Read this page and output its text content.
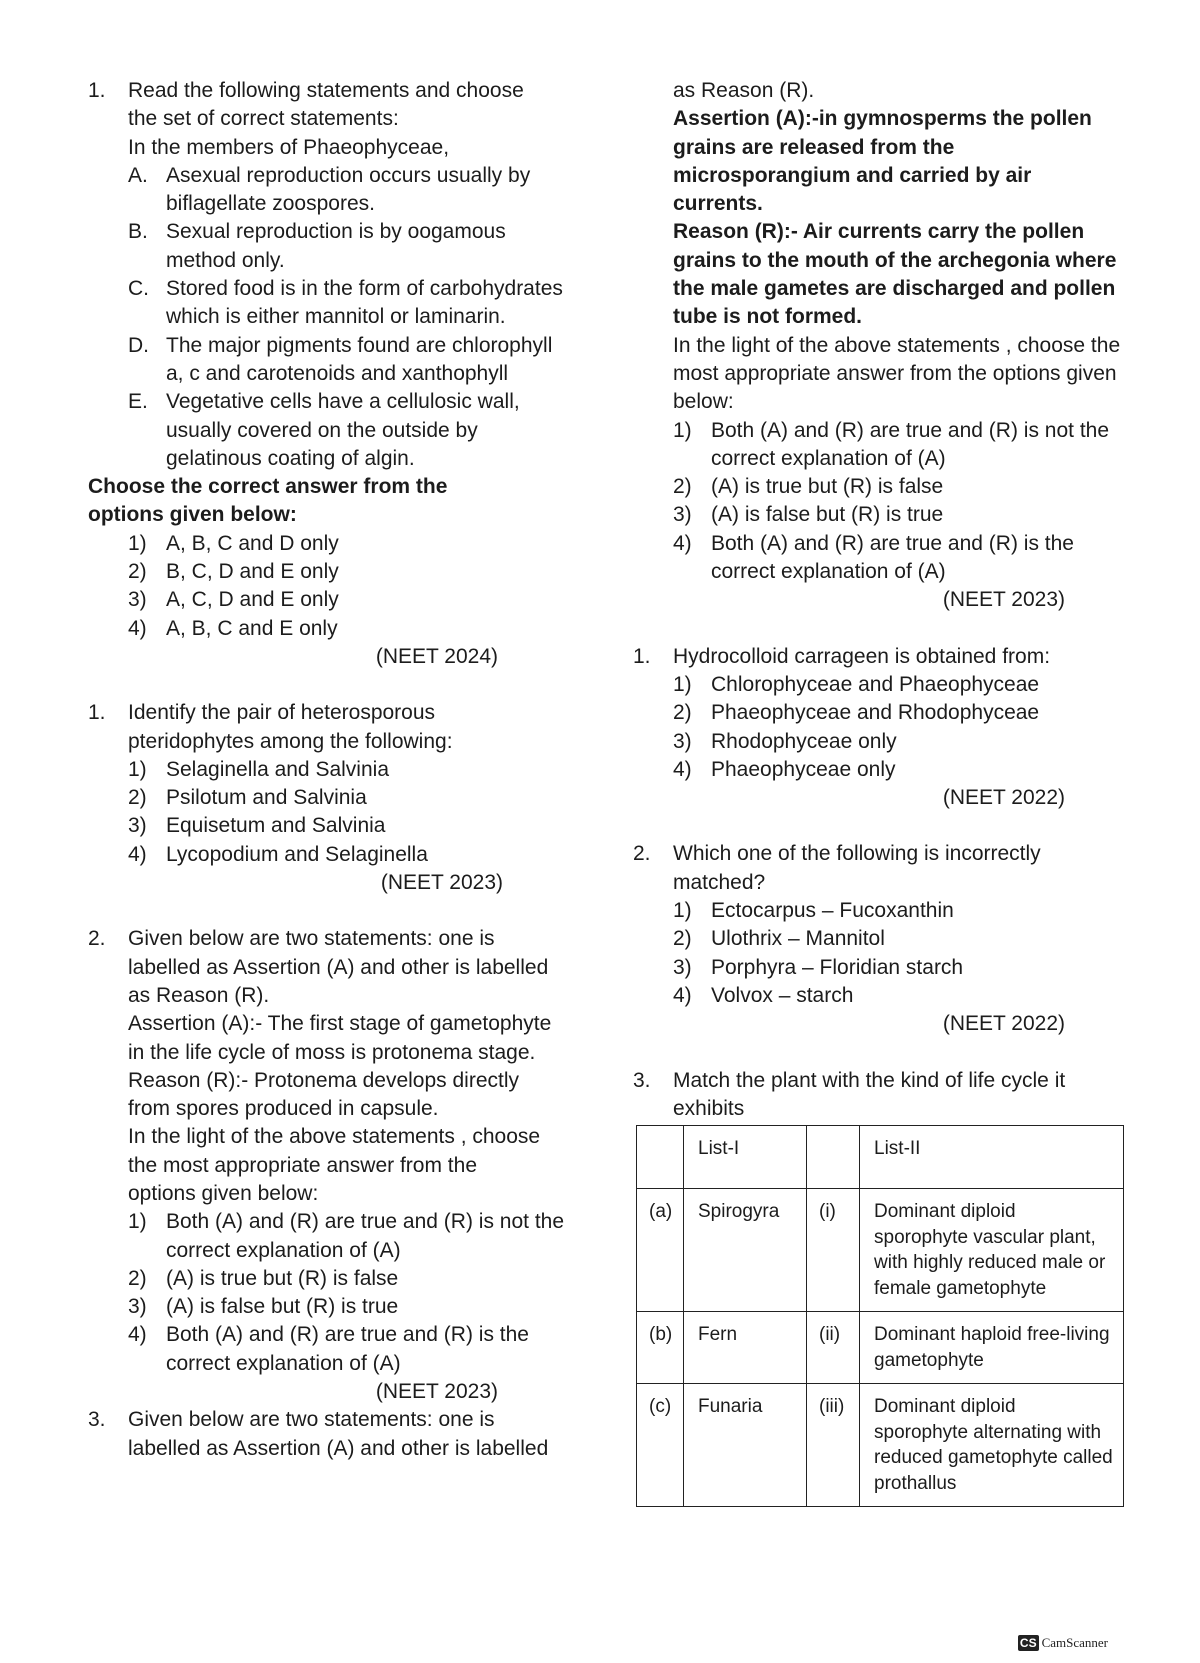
1.	Read the following statements and choose
the set of correct statements:
In the members of Phaeophyceae,
A. Asexual reproduction occurs usually by biflagellate zoospores.
B. Sexual reproduction is by oogamous method only.
C. Stored food is in the form of carbohydrates which is either mannitol or laminarin.
D. The major pigments found are chlorophyll a, c and carotenoids and xanthophyll
E. Vegetative cells have a cellulosic wall, usually covered on the outside by gelatinous coating of algin.
Choose the correct answer from the options given below:
1) A, B, C and D only
2) B, C, D and E only
3) A, C, D and E only
4) A, B, C and E only
(NEET 2024)
1.	Identify the pair of heterosporous pteridophytes among the following:
1) Selaginella and Salvinia
2) Psilotum and Salvinia
3) Equisetum and Salvinia
4) Lycopodium and Selaginella
(NEET 2023)
2.	Given below are two statements: one is labelled as Assertion (A) and other is labelled as Reason (R).
Assertion (A):- The first stage of gametophyte in the life cycle of moss is protonema stage.
Reason (R):- Protonema develops directly from spores produced in capsule.
In the light of the above statements , choose the most appropriate answer from the options given below:
1) Both (A) and (R) are true and (R) is not the correct explanation of (A)
2) (A) is true but (R) is false
3) (A) is false but (R) is true
4) Both (A) and (R) are true and (R) is the correct explanation of (A)
(NEET 2023)
3.	Given below are two statements: one is labelled as Assertion (A) and other is labelled
as Reason (R).
Assertion (A):-in gymnosperms the pollen grains are released from the microsporangium and carried by air currents.
Reason (R):- Air currents carry the pollen grains to the mouth of the archegonia where the male gametes are discharged and pollen tube is not formed.
In the light of the above statements , choose the most appropriate answer from the options given below:
1) Both (A) and (R) are true and (R) is not the correct explanation of (A)
2) (A) is true but (R) is false
3) (A) is false but (R) is true
4) Both (A) and (R) are true and (R) is the correct explanation of (A)
(NEET 2023)
1.	Hydrocolloid carrageen is obtained from:
1) Chlorophyceae and Phaeophyceae
2) Phaeophyceae and Rhodophyceae
3) Rhodophyceae only
4) Phaeophyceae only
(NEET 2022)
2.	Which one of the following is incorrectly matched?
1) Ectocarpus – Fucoxanthin
2) Ulothrix – Mannitol
3) Porphyra – Floridian starch
4) Volvox – starch
(NEET 2022)
3.	Match the plant with the kind of life cycle it exhibits
	List-I		List-II
(a)	Spirogyra	(i)	Dominant diploid sporophyte vascular plant, with highly reduced male or female gametophyte
(b)	Fern	(ii)	Dominant haploid free-living gametophyte
(c)	Funaria	(iii)	Dominant diploid sporophyte alternating with reduced gametophyte called prothallus
CS CamScanner
